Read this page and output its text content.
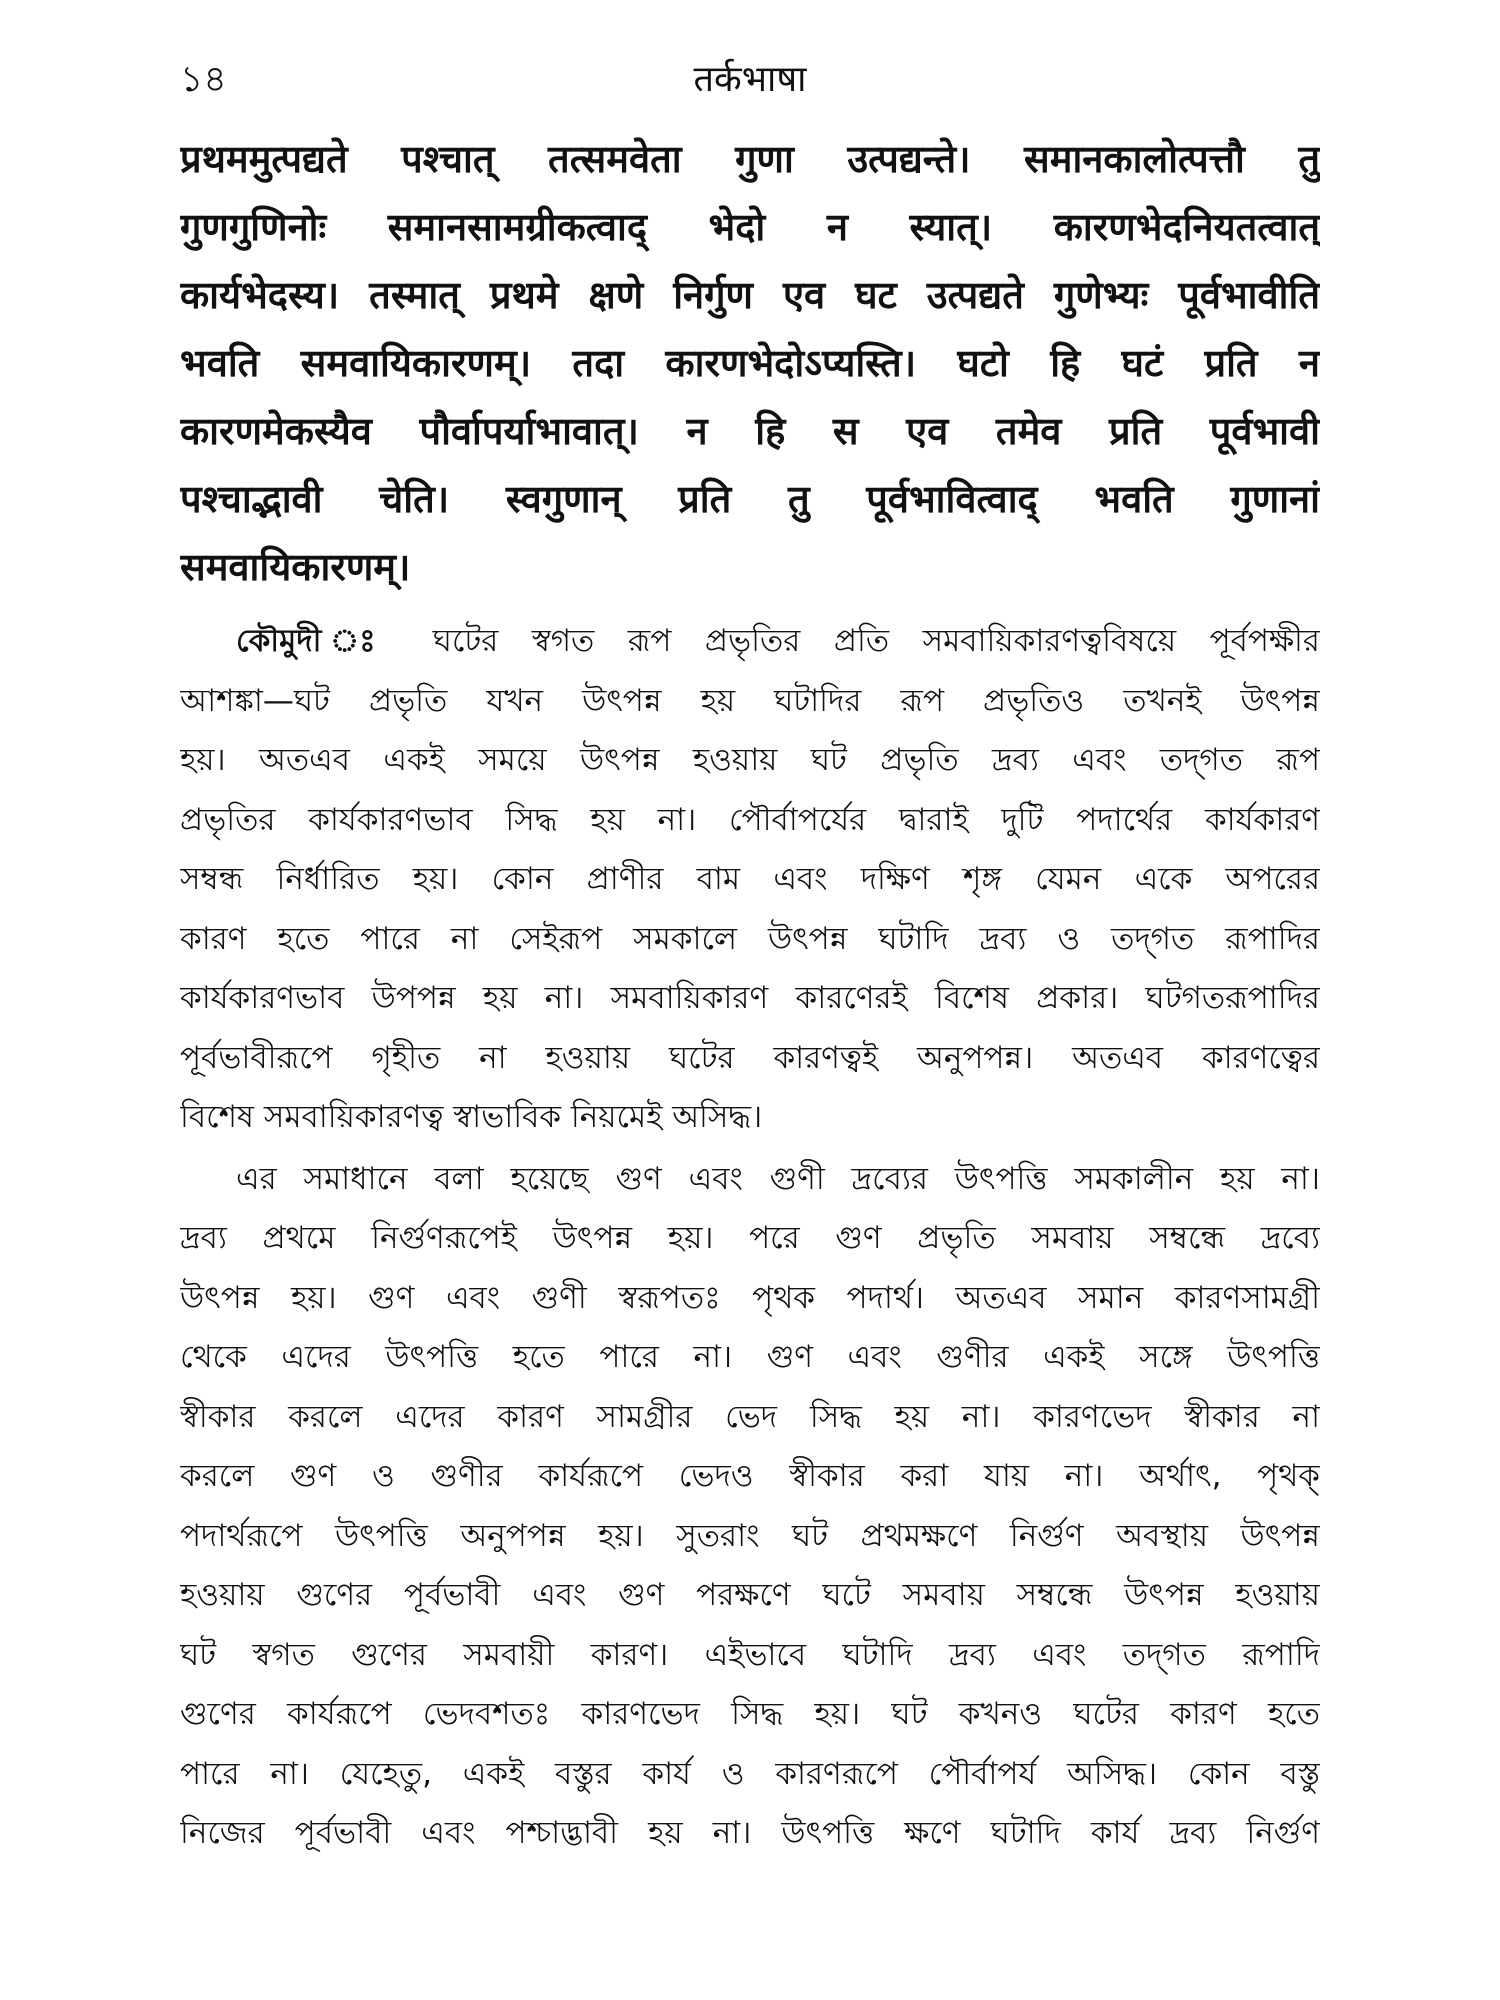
১৪	तर्कभाषा
प्रथममुत्पद्यते पश्चात् तत्समवेता गुणा उत्पद्यन्ते। समानकालोत्पत्तौ तु
गुणगुणिनोः समानसामग्रीकत्वाद् भेदो न स्यात्। कारणभेदनियतत्वात्
कार्यभेदस्य। तस्मात् प्रथमे क्षणे निर्गुण एव घट उत्पद्यते गुणेभ्यः पूर्वभावीति
भवति समवायिकारणम्। तदा कारणभेदोऽप्यस्ति। घटो हि घटं प्रति न
कारणमेकस्यैव पौर्वापर्याभावात्। न हि स एव तमेव प्रति पूर्वभावी
पश्चाद्भावी चेति। स्वगुणान् प्रति तु पूर्वभावित्वाद् भवति गुणानां
समवायिकारणम्।
কৌমুদী ঃ ঘটের স্বগত রূপ প্রভৃতির প্রতি সমবায়িকারণত্ববিষয়ে পূর্বপক্ষীর
আশঙ্কা—ঘট প্রভৃতি যখন উৎপন্ন হয় ঘটাদির রূপ প্রভৃতিও তখনই উৎপন্ন
হয়। অতএব একই সময়ে উৎপন্ন হওয়ায় ঘট প্রভৃতি দ্রব্য এবং তদ্‌গত রূপ
প্রভৃতির কার্যকারণভাব সিদ্ধ হয় না। পৌর্বাপর্যের দ্বারাই দুটি পদার্থের কার্যকারণ
সম্বন্ধ নির্ধারিত হয়। কোন প্রাণীর বাম এবং দক্ষিণ শৃঙ্গ যেমন একে অপরের
কারণ হতে পারে না সেইরূপ সমকালে উৎপন্ন ঘটাদি দ্রব্য ও তদ্‌গত রূপাদির
কার্যকারণভাব উপপন্ন হয় না। সমবায়িকারণ কারণেরই বিশেষ প্রকার। ঘটগতরূপাদির
পূর্বভাবীরূপে গৃহীত না হওয়ায় ঘটের কারণত্বই অনুপপন্ন। অতএব কারণত্বের
বিশেষ সমবায়িকারণত্ব স্বাভাবিক নিয়মেই অসিদ্ধ।
এর সমাধানে বলা হয়েছে গুণ এবং গুণী দ্রব্যের উৎপত্তি সমকালীন হয় না।
দ্রব্য প্রথমে নির্গুণরূপেই উৎপন্ন হয়। পরে গুণ প্রভৃতি সমবায় সম্বন্ধে দ্রব্যে
উৎপন্ন হয়। গুণ এবং গুণী স্বরূপতঃ পৃথক পদার্থ। অতএব সমান কারণসামগ্রী
থেকে এদের উৎপত্তি হতে পারে না। গুণ এবং গুণীর একই সঙ্গে উৎপত্তি
স্বীকার করলে এদের কারণ সামগ্রীর ভেদ সিদ্ধ হয় না। কারণভেদ স্বীকার না
করলে গুণ ও গুণীর কার্যরূপে ভেদও স্বীকার করা যায় না। অর্থাৎ, পৃথক্
পদার্থরূপে উৎপত্তি অনুপপন্ন হয়। সুতরাং ঘট প্রথমক্ষণে নির্গুণ অবস্থায় উৎপন্ন
হওয়ায় গুণের পূর্বভাবী এবং গুণ পরক্ষণে ঘটে সমবায় সম্বন্ধে উৎপন্ন হওয়ায়
ঘট স্বগত গুণের সমবায়ী কারণ। এইভাবে ঘটাদি দ্রব্য এবং তদ্‌গত রূপাদি
গুণের কার্যরূপে ভেদবশতঃ কারণভেদ সিদ্ধ হয়। ঘট কখনও ঘটের কারণ হতে
পারে না। যেহেতু, একই বস্তুর কার্য ও কারণরূপে পৌর্বাপর্য অসিদ্ধ। কোন বস্তু
নিজের পূর্বভাবী এবং পশ্চাদ্ভাবী হয় না। উৎপত্তি ক্ষণে ঘটাদি কার্য দ্রব্য নির্গুণ
